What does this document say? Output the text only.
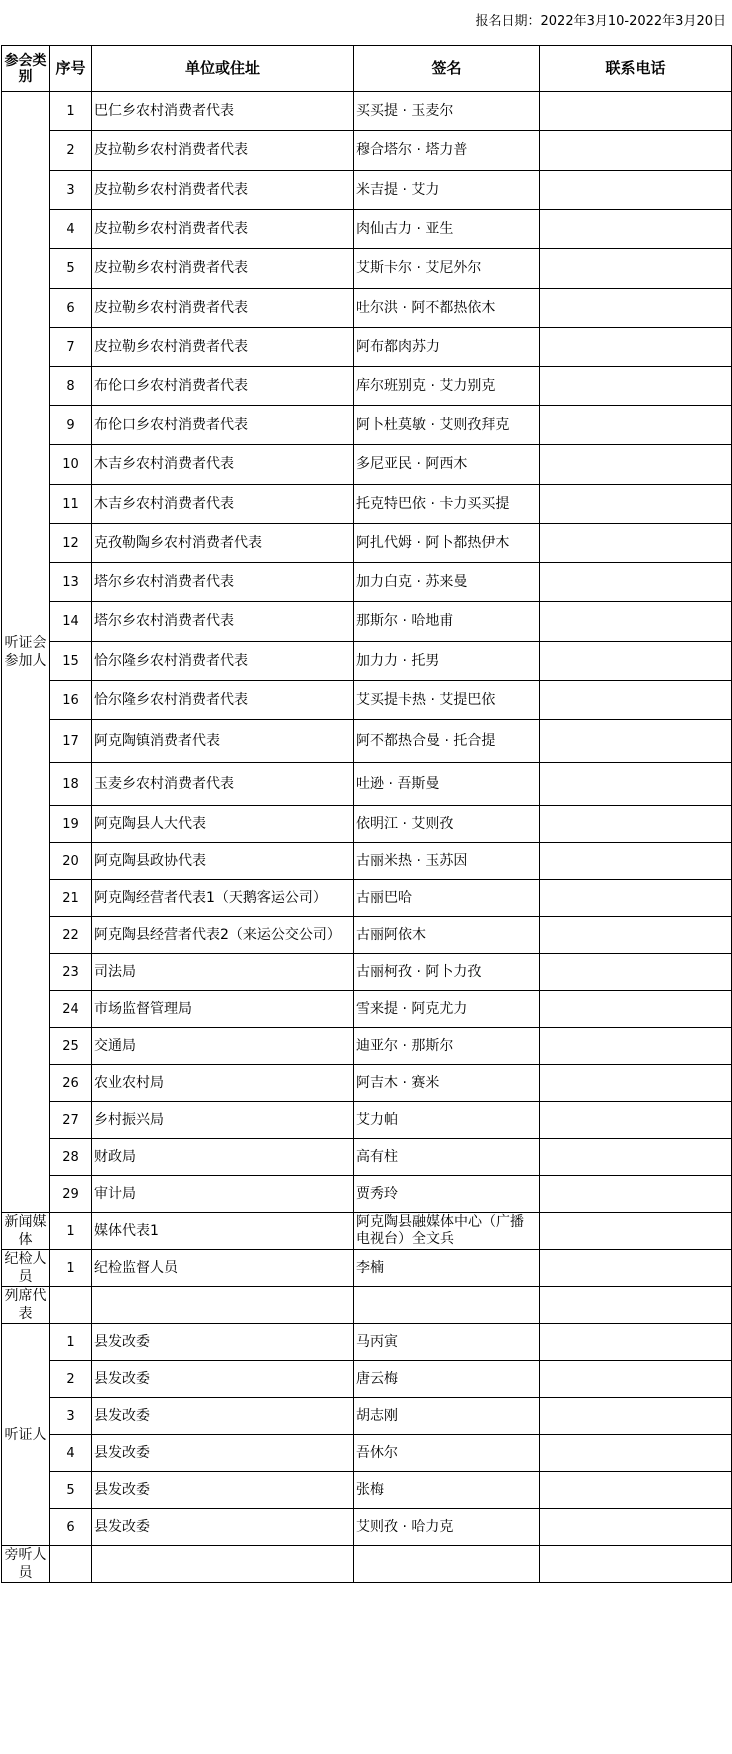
报名日期：2022年3月10-2022年3月20日
参会类别	序号	单位或住址	签名	联系电话
听证会参加人	1	巴仁乡农村消费者代表	买买提 · 玉麦尔	
	2	皮拉勒乡农村消费者代表	穆合塔尔 · 塔力普	
	3	皮拉勒乡农村消费者代表	米吉提 · 艾力	
	4	皮拉勒乡农村消费者代表	肉仙古力 · 亚生	
	5	皮拉勒乡农村消费者代表	艾斯卡尔 · 艾尼外尔	
	6	皮拉勒乡农村消费者代表	吐尔洪 · 阿不都热依木	
	7	皮拉勒乡农村消费者代表	阿布都肉苏力	
	8	布伦口乡农村消费者代表	库尔班别克 · 艾力别克	
	9	布伦口乡农村消费者代表	阿卜杜莫敏 · 艾则孜拜克	
	10	木吉乡农村消费者代表	多尼亚民 · 阿西木	
	11	木吉乡农村消费者代表	托克特巴依 · 卡力买买提	
	12	克孜勒陶乡农村消费者代表	阿扎代姆 · 阿卜都热伊木	
	13	塔尔乡农村消费者代表	加力白克 · 苏来曼	
	14	塔尔乡农村消费者代表	那斯尔 · 哈地甫	
	15	恰尔隆乡农村消费者代表	加力力 · 托男	
	16	恰尔隆乡农村消费者代表	艾买提卡热 · 艾提巴依	
	17	阿克陶镇消费者代表	阿不都热合曼 · 托合提	
	18	玉麦乡农村消费者代表	吐逊 · 吾斯曼	
	19	阿克陶县人大代表	依明江 · 艾则孜	
	20	阿克陶县政协代表	古丽米热 · 玉苏因	
	21	阿克陶经营者代表1（天鹅客运公司）	古丽巴哈	
	22	阿克陶县经营者代表2（来运公交公司）	古丽阿依木	
	23	司法局	古丽柯孜 · 阿卜力孜	
	24	市场监督管理局	雪来提 · 阿克尤力	
	25	交通局	迪亚尔 · 那斯尔	
	26	农业农村局	阿吉木 · 赛米	
	27	乡村振兴局	艾力帕	
	28	财政局	高有柱	
	29	审计局	贾秀玲	
新闻媒体	1	媒体代表1	阿克陶县融媒体中心（广播电视台）全文兵	
纪检人员	1	纪检监督人员	李楠	
列席代表				
听证人	1	县发改委	马丙寅	
	2	县发改委	唐云梅	
	3	县发改委	胡志刚	
	4	县发改委	吾休尔	
	5	县发改委	张梅	
	6	县发改委	艾则孜 · 哈力克	
旁听人员				
